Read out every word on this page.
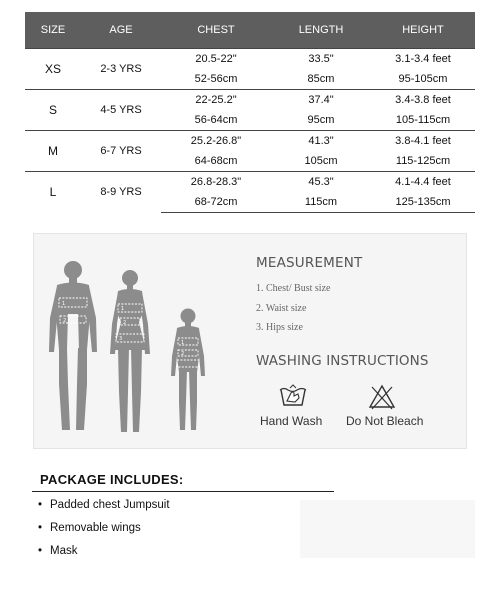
SIZE	AGE	CHEST	LENGTH	HEIGHT
XS	2-3 YRS	20.5-22"	33.5"	3.1-3.4 feet
		52-56cm	85cm	95-105cm
S	4-5 YRS	22-25.2"	37.4"	3.4-3.8 feet
		56-64cm	95cm	105-115cm
M	6-7 YRS	25.2-26.8"	41.3"	3.8-4.1 feet
		64-68cm	105cm	115-125cm
L	8-9 YRS	26.8-28.3"	45.3"	4.1-4.4 feet
		68-72cm	115cm	125-135cm
1
2
1
2
3
1
2
MEASUREMENT
1. Chest/ Bust size
2. Waist size
3. Hips size
WASHING INSTRUCTIONS
Hand Wash Do Not Bleach
PACKAGE INCLUDES:
• Padded chest Jumpsuit
• Removable wings
• Mask
